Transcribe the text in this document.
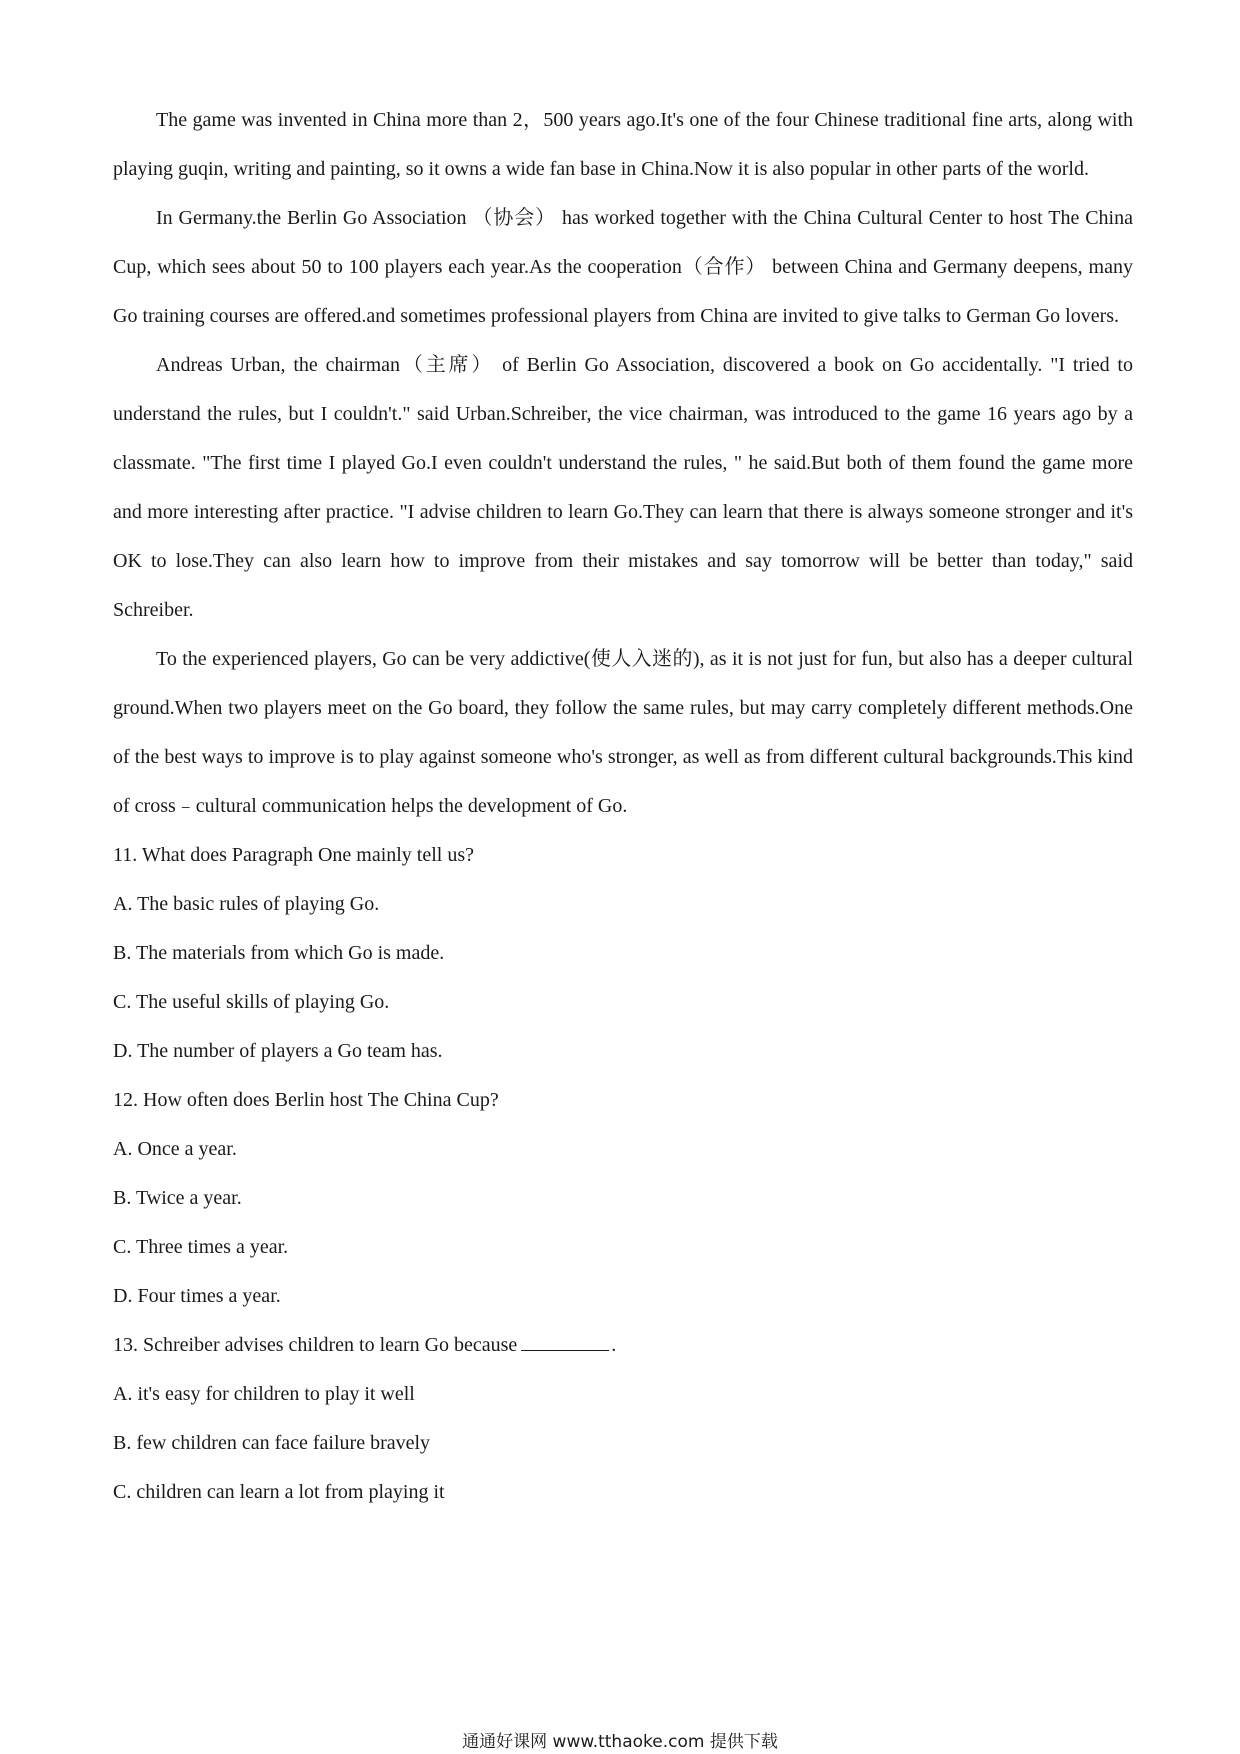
The game was invented in China more than 2，500 years ago.It's one of the four Chinese traditional fine arts, along with playing guqin, writing and painting, so it owns a wide fan base in China.Now it is also popular in other parts of the world.

In Germany.the Berlin Go Association （协会） has worked together with the China Cultural Center to host The China Cup, which sees about 50 to 100 players each year.As the cooperation（合作） between China and Germany deepens, many Go training courses are offered.and sometimes professional players from China are invited to give talks to German Go lovers.

Andreas Urban, the chairman（主席） of Berlin Go Association, discovered a book on Go accidentally. "I tried to understand the rules, but I couldn't." said Urban.Schreiber, the vice chairman, was introduced to the game 16 years ago by a classmate. "The first time I played Go.I even couldn't understand the rules, " he said.But both of them found the game more and more interesting after practice. "I advise children to learn Go.They can learn that there is always someone stronger and it's OK to lose.They can also learn how to improve from their mistakes and say tomorrow will be better than today," said Schreiber.

To the experienced players, Go can be very addictive(使人入迷的), as it is not just for fun, but also has a deeper cultural ground.When two players meet on the Go board, they follow the same rules, but may carry completely different methods.One of the best ways to improve is to play against someone who's stronger, as well as from different cultural backgrounds.This kind of cross﹣cultural communication helps the development of Go.

11. What does Paragraph One mainly tell us?

A. The basic rules of playing Go.

B. The materials from which Go is made.

C. The useful skills of playing Go.

D. The number of players a Go team has.

12. How often does Berlin host The China Cup?

A. Once a year.

B. Twice a year.

C. Three times a year.

D. Four times a year.

13. Schreiber advises children to learn Go because	.

A. it's easy for children to play it well

B. few children can face failure bravely

C. children can learn a lot from playing it

通通好课网 www.tthaoke.com 提供下载
